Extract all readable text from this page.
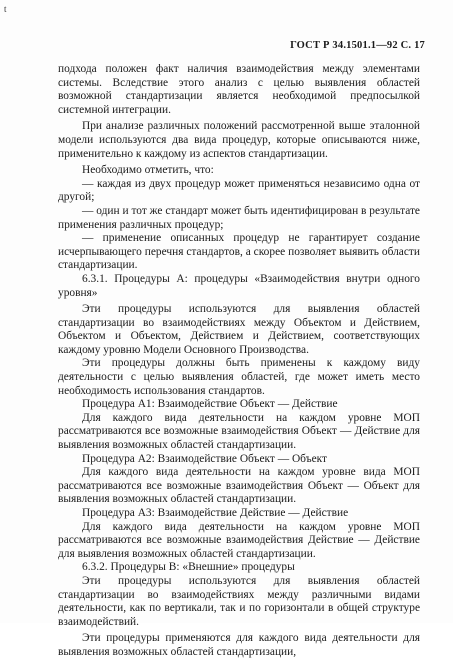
t
ГОСТ Р 34.1501.1—92 С. 17

подхода положен факт наличия взаимодействия между элементами системы. Вследствие этого анализ с целью выявления областей возможной стандартизации является необходимой предпосылкой системной интеграции.

При анализе различных положений рассмотренной выше эталонной модели используются два вида процедур, которые описываются ниже, применительно к каждому из аспектов стандартизации.

Необходимо отметить, что:

— каждая из двух процедур может применяться независимо одна от другой;

— один и тот же стандарт может быть идентифицирован в результате применения различных процедур;

— применение описанных процедур не гарантирует создание исчерпывающего перечня стандартов, а скорее позволяет выявить области стандартизации.

6.3.1. Процедуры А: процедуры «Взаимодействия внутри одного уровня»

Эти процедуры используются для выявления областей стандартизации во взаимодействиях между Объектом и Действием, Объектом и Объектом, Действием и Действием, соответствующих каждому уровню Модели Основного Производства.

Эти процедуры должны быть применены к каждому виду деятельности с целью выявления областей, где может иметь место необходимость использования стандартов.

Процедура А1: Взаимодействие Объект — Действие

Для каждого вида деятельности на каждом уровне МОП рассматриваются все возможные взаимодействия Объект — Действие для выявления возможных областей стандартизации.

Процедура А2: Взаимодействие Объект — Объект

Для каждого вида деятельности на каждом уровне вида МОП рассматриваются все возможные взаимодействия Объект — Объект для выявления возможных областей стандартизации.

Процедура А3: Взаимодействие Действие — Действие

Для каждого вида деятельности на каждом уровне МОП рассматриваются все возможные взаимодействия Действие — Действие для выявления возможных областей стандартизации.

6.3.2. Процедуры В: «Внешние» процедуры

Эти процедуры используются для выявления областей стандартизации во взаимодействиях между различными видами деятельности, как по вертикали, так и по горизонтали в общей структуре взаимодействий.

Эти процедуры применяются для каждого вида деятельности для выявления возможных областей стандартизации,
